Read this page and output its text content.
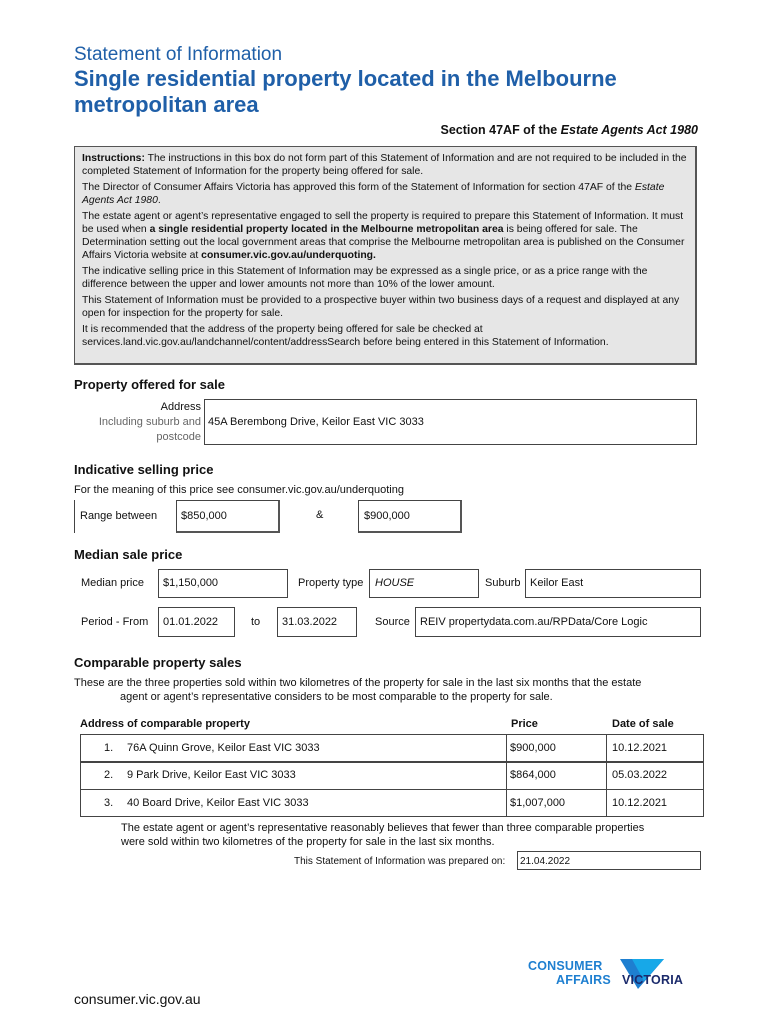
Statement of Information
Single residential property located in the Melbourne metropolitan area
Section 47AF of the Estate Agents Act 1980

Instructions: The instructions in this box do not form part of this Statement of Information and are not required to be included in the completed Statement of Information for the property being offered for sale.

The Director of Consumer Affairs Victoria has approved this form of the Statement of Information for section 47AF of the Estate Agents Act 1980.

The estate agent or agent’s representative engaged to sell the property is required to prepare this Statement of Information. It must be used when a single residential property located in the Melbourne metropolitan area is being offered for sale. The Determination setting out the local government areas that comprise the Melbourne metropolitan area is published on the Consumer Affairs Victoria website at consumer.vic.gov.au/underquoting.

The indicative selling price in this Statement of Information may be expressed as a single price, or as a price range with the difference between the upper and lower amounts not more than 10% of the lower amount.

This Statement of Information must be provided to a prospective buyer within two business days of a request and displayed at any open for inspection for the property for sale.

It is recommended that the address of the property being offered for sale be checked at services.land.vic.gov.au/landchannel/content/addressSearch before being entered in this Statement of Information.

Property offered for sale
Address
Including suburb and
postcode
45A Berembong Drive, Keilor East VIC 3033
Indicative selling price
For the meaning of this price see consumer.vic.gov.au/underquoting
Range between $850,000	&	$900,000
Median sale price
Median price $1,150,000	Property type HOUSE	Suburb Keilor East
Period - From 01.01.2022	to 31.03.2022	Source REIV propertydata.com.au/RPData/Core Logic
Comparable property sales
These are the three properties sold within two kilometres of the property for sale in the last six months that the estate
agent or agent’s representative considers to be most comparable to the property for sale.
Address of comparable property	Price	Date of sale
1. 76A Quinn Grove, Keilor East VIC 3033	$900,000	10.12.2021
2. 9 Park Drive, Keilor East VIC 3033	$864,000	05.03.2022
3. 40 Board Drive, Keilor East VIC 3033	$1,007,000	10.12.2021
The estate agent or agent’s representative reasonably believes that fewer than three comparable properties
were sold within two kilometres of the property for sale in the last six months.
This Statement of Information was prepared on: 21.04.2022
consumer.vic.gov.au
CONSUMER
AFFAIRS VICTORIA
